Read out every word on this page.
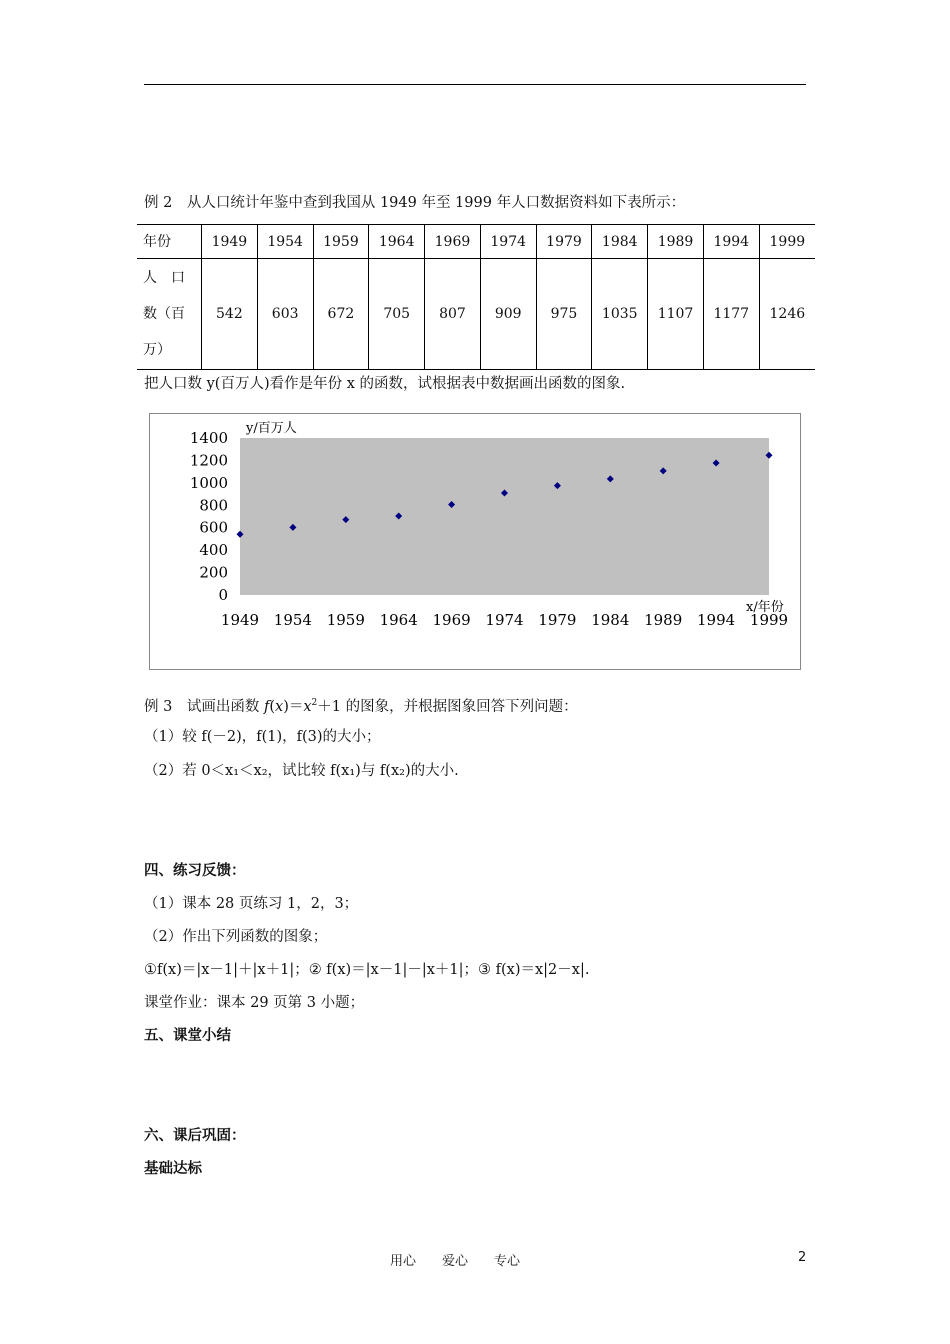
例 2　从人口统计年鉴中查到我国从 1949 年至 1999 年人口数据资料如下表所示：
年份	1949	1954	1959	1964	1969	1974	1979	1984	1989	1994	1999

人　口
数（百
万）	542	603	672	705	807	909	975	1035	1107	1177	1246
把人口数 y(百万人)看作是年份 x 的函数，试根据表中数据画出函数的图象.
0
200
400
600
800
1000
1200
1400
1949 1954 1959 1964 1969 1974 1979 1984 1989 1994 1999
y/百万人
x/年份
例 3　试画出函数 $f(x)=x^2+1$ 的图象，并根据图象回答下列问题：
（1）较 f(－2)，f(1)，f(3)的大小；
（2）若 0＜x₁＜x₂，试比较 f(x₁)与 f(x₂)的大小.
四、练习反馈：
（1）课本 28 页练习 1，2，3；
（2）作出下列函数的图象；
①f(x)＝|x－1|＋|x＋1|；② f(x)＝|x－1|－|x＋1|；③ f(x)＝x|2－x|.
课堂作业：课本 29 页第 3 小题；
五、课堂小结
六、课后巩固：
基础达标
用心　　爱心　　专心	2
